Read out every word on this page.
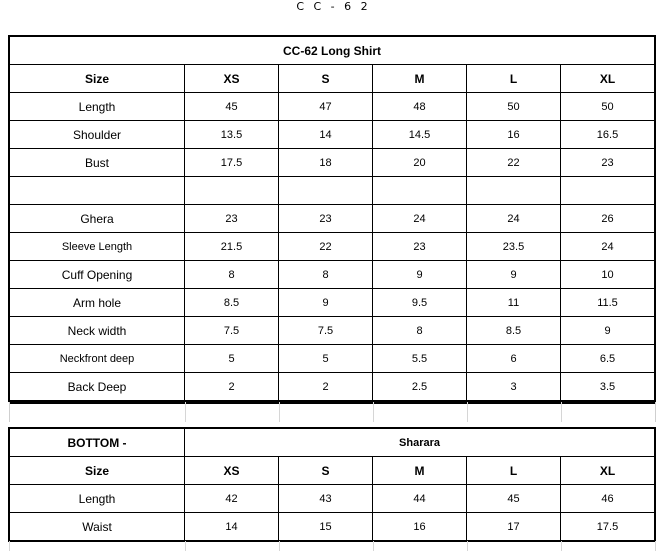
C C - 6 2
CC-62 Long Shirt					
Size	XS	S	M	L	XL
Length	45	47	48	50	50
Shoulder	13.5	14	14.5	16	16.5
Bust	17.5	18	20	22	23

Ghera	23	23	24	24	26
Sleeve Length	21.5	22	23	23.5	24
Cuff Opening	8	8	9	9	10
Arm hole	8.5	9	9.5	11	11.5
Neck width	7.5	7.5	8	8.5	9
Neckfront deep	5	5	5.5	6	6.5
Back Deep	2	2	2.5	3	3.5
BOTTOM -	Sharara				
Size	XS	S	M	L	XL
Length	42	43	44	45	46
Waist	14	15	16	17	17.5
